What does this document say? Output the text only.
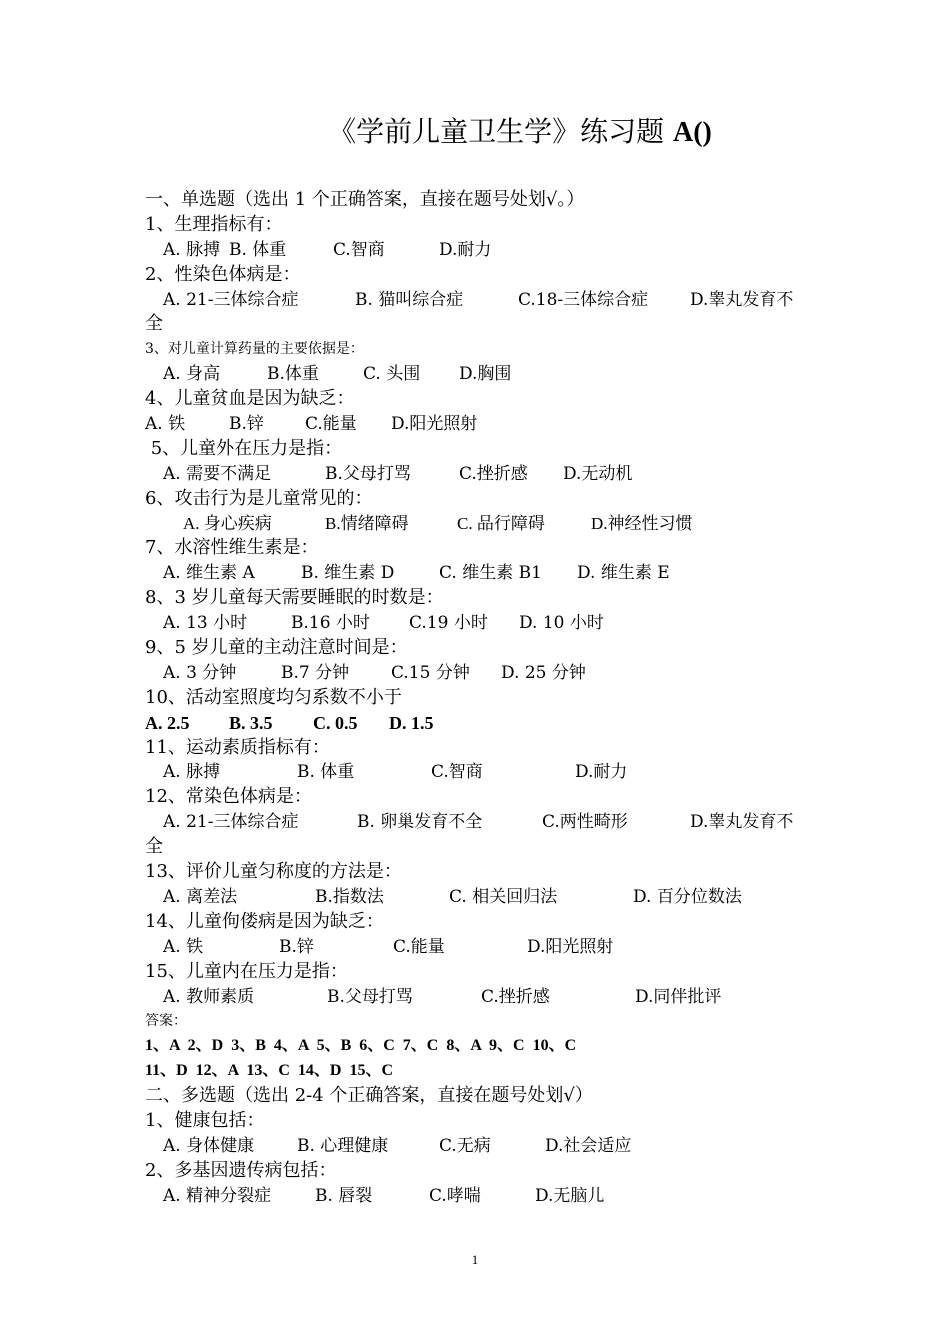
《学前儿童卫生学》练习题 A()
一、单选题（选出 1 个正确答案，直接在题号处划√。）
1、生理指标有：
A. 脉搏 B. 体重	C.智商	D.耐力
2、性染色体病是：
A. 21-三体综合症	B. 猫叫综合症	C.18-三体综合症 D.睾丸发育不
全
3、对儿童计算药量的主要依据是：
A. 身高	B.体重	C. 头围 D.胸围
4、儿童贫血是因为缺乏：
A. 铁	B.锌 C.能量 D.阳光照射
5、儿童外在压力是指：
A. 需要不满足	B.父母打骂	C.挫折感 D.无动机
6、攻击行为是儿童常见的：
A. 身心疾病	B.情绪障碍	C. 品行障碍	D.神经性习惯
7、水溶性维生素是：
A. 维生素 A	B. 维生素 D	C. 维生素 B1 D. 维生素 E
8、3 岁儿童每天需要睡眠的时数是：
A. 13 小时	B.16 小时 C.19 小时 D. 10 小时
9、5 岁儿童的主动注意时间是：
A. 3 分钟	B.7 分钟 C.15 分钟 D. 25 分钟
10、活动室照度均匀系数不小于
A. 2.5 B. 3.5 C. 0.5 D. 1.5
11、运动素质指标有：
A. 脉搏	B. 体重	C.智商	D.耐力
12、常染色体病是：
A. 21-三体综合症	B. 卵巢发育不全	C.两性畸形	D.睾丸发育不
全
13、评价儿童匀称度的方法是：
A. 离差法	B.指数法	C. 相关回归法	D. 百分位数法
14、儿童佝偻病是因为缺乏：
A. 铁	B.锌	C.能量	D.阳光照射
15、儿童内在压力是指：
A. 教师素质	B.父母打骂	C.挫折感	D.同伴批评
答案：
1、A 2、D 3、B 4、A 5、B 6、C 7、C 8、A 9、C 10、C
11、D 12、A 13、C 14、D 15、C
二、多选题（选出 2-4 个正确答案，直接在题号处划√）
1、健康包括：
A. 身体健康	B. 心理健康	C.无病	D.社会适应
2、多基因遗传病包括：
A. 精神分裂症	B. 唇裂	C.哮喘	D.无脑儿
1
